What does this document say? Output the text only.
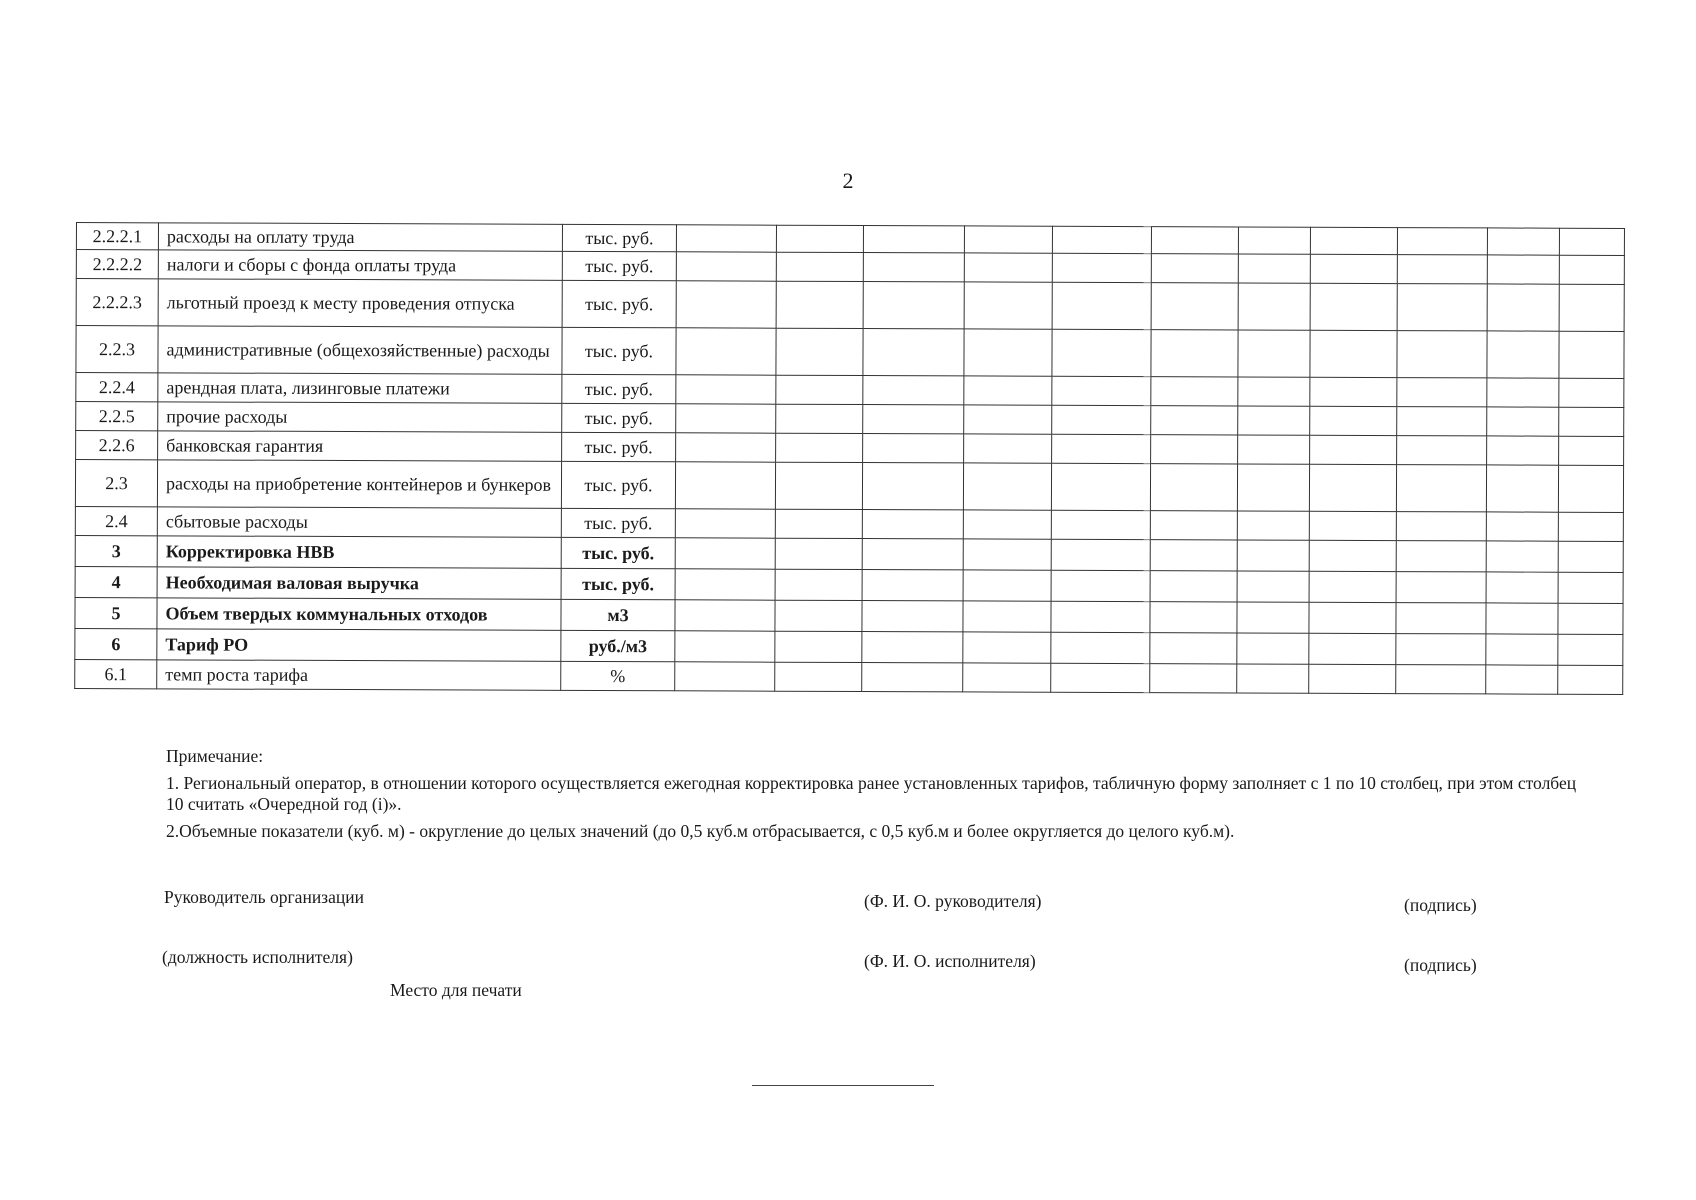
2
2.2.2.1	расходы на оплату труда	тыс. руб.											
2.2.2.2	налоги и сборы с фонда оплаты труда	тыс. руб.											
2.2.2.3	льготный проезд к месту проведения отпуска	тыс. руб.											
2.2.3	административные (общехозяйственные) расходы	тыс. руб.											
2.2.4	арендная плата, лизинговые платежи	тыс. руб.											
2.2.5	прочие расходы	тыс. руб.											
2.2.6	банковская гарантия	тыс. руб.											
2.3	расходы на приобретение контейнеров и бункеров	тыс. руб.											
2.4	сбытовые расходы	тыс. руб.											
3	Корректировка НВВ	тыс. руб.											
4	Необходимая валовая выручка	тыс. руб.											
5	Объем твердых коммунальных отходов	м3											
6	Тариф РО	руб./м3											
6.1	темп роста тарифа	%											

Примечание:

1. Региональный оператор, в отношении которого осуществляется ежегодная корректировка ранее установленных тарифов, табличную форму заполняет с 1 по 10 столбец, при этом столбец 10 считать «Очередной год (i)».

2.Объемные показатели (куб. м) - округление до целых значений (до 0,5 куб.м отбрасывается, с 0,5 куб.м и более округляется до целого куб.м).

Руководитель организации	(Ф. И. О. руководителя)	(подпись)
(должность исполнителя)	(Ф. И. О. исполнителя)	(подпись)
Место для печати
